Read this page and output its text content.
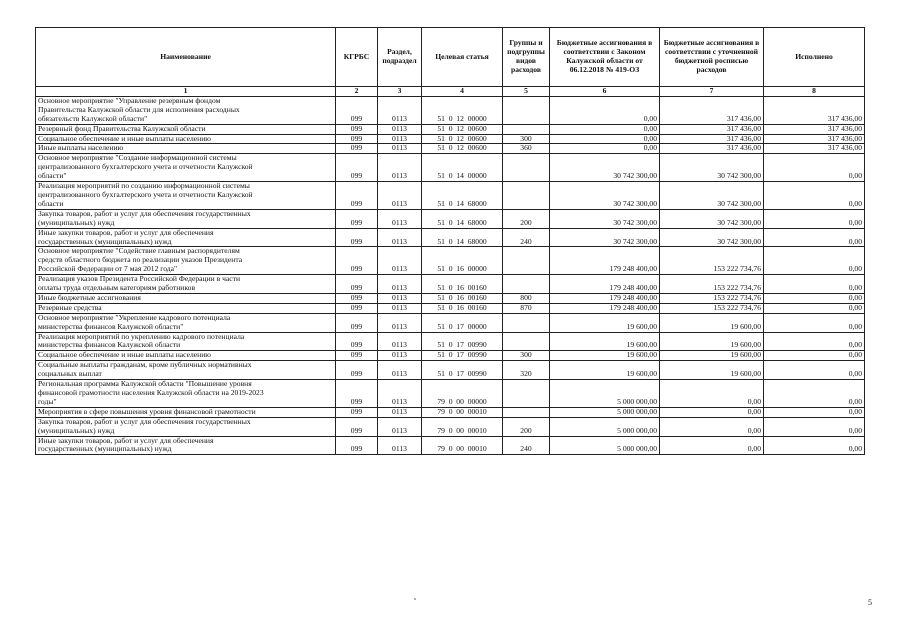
Наименование	КГРБС	Раздел, подраздел	Целевая статья	Группы и подгруппы видов расходов	Бюджетные ассигнования в соответствии с Законом Калужской области от 06.12.2018 № 419-ОЗ	Бюджетные ассигнования в соответствии с уточненной бюджетной росписью расходов	Исполнено
1	2	3	4	5	6	7	8
Основное мероприятие "Управление резервным фондом
Правительства Калужской области для исполнения расходных
обязательств Калужской области"	099	0113	51  0  12  00000		0,00	317 436,00	317 436,00
Резервный фонд Правительства Калужской области	099	0113	51  0  12  00600		0,00	317 436,00	317 436,00
Социальное обеспечение и иные выплаты населению	099	0113	51  0  12  00600	300	0,00	317 436,00	317 436,00
Иные выплаты населению	099	0113	51  0  12  00600	360	0,00	317 436,00	317 436,00
Основное мероприятие "Создание информационной системы
централизованного бухгалтерского учета и отчетности Калужской
области"	099	0113	51  0  14  00000		30 742 300,00	30 742 300,00	0,00
Реализация мероприятий по созданию информационной системы
централизованного бухгалтерского учета и отчетности Калужской
области	099	0113	51  0  14  68000		30 742 300,00	30 742 300,00	0,00
Закупка товаров, работ и услуг для обеспечения государственных
(муниципальных) нужд	099	0113	51  0  14  68000	200	30 742 300,00	30 742 300,00	0,00
Иные закупки товаров, работ и услуг для обеспечения
государственных (муниципальных) нужд	099	0113	51  0  14  68000	240	30 742 300,00	30 742 300,00	0,00
Основное мероприятие "Содействие главным распорядителям
средств областного бюджета по реализации указов Президента
Российской Федерации от 7 мая 2012 года"	099	0113	51  0  16  00000		179 248 400,00	153 222 734,76	0,00
Реализация указов Президента Российской Федерации в части
оплаты труда отдельным категориям работников	099	0113	51  0  16  00160		179 248 400,00	153 222 734,76	0,00
Иные бюджетные ассигнования	099	0113	51  0  16  00160	800	179 248 400,00	153 222 734,76	0,00
Резервные средства	099	0113	51  0  16  00160	870	179 248 400,00	153 222 734,76	0,00
Основное мероприятие "Укрепление кадрового потенциала
министерства финансов Калужской области"	099	0113	51  0  17  00000		19 600,00	19 600,00	0,00
Реализация мероприятий по укреплению кадрового потенциала
министерства финансов Калужской области	099	0113	51  0  17  00990		19 600,00	19 600,00	0,00
Социальное обеспечение и иные выплаты населению	099	0113	51  0  17  00990	300	19 600,00	19 600,00	0,00
Социальные выплаты гражданам, кроме публичных нормативных
социальных выплат	099	0113	51  0  17  00990	320	19 600,00	19 600,00	0,00
Региональная программа Калужской области "Повышение уровня
финансовой грамотности населения Калужской области на 2019-2023
годы"	099	0113	79  0  00  00000		5 000 000,00	0,00	0,00
Мероприятия в сфере повышения уровня финансовой грамотности	099	0113	79  0  00  00010		5 000 000,00	0,00	0,00
Закупка товаров, работ и услуг для обеспечения государственных
(муниципальных) нужд	099	0113	79  0  00  00010	200	5 000 000,00	0,00	0,00
Иные закупки товаров, работ и услуг для обеспечения
государственных (муниципальных) нужд	099	0113	79  0  00  00010	240	5 000 000,00	0,00	0,00
5
